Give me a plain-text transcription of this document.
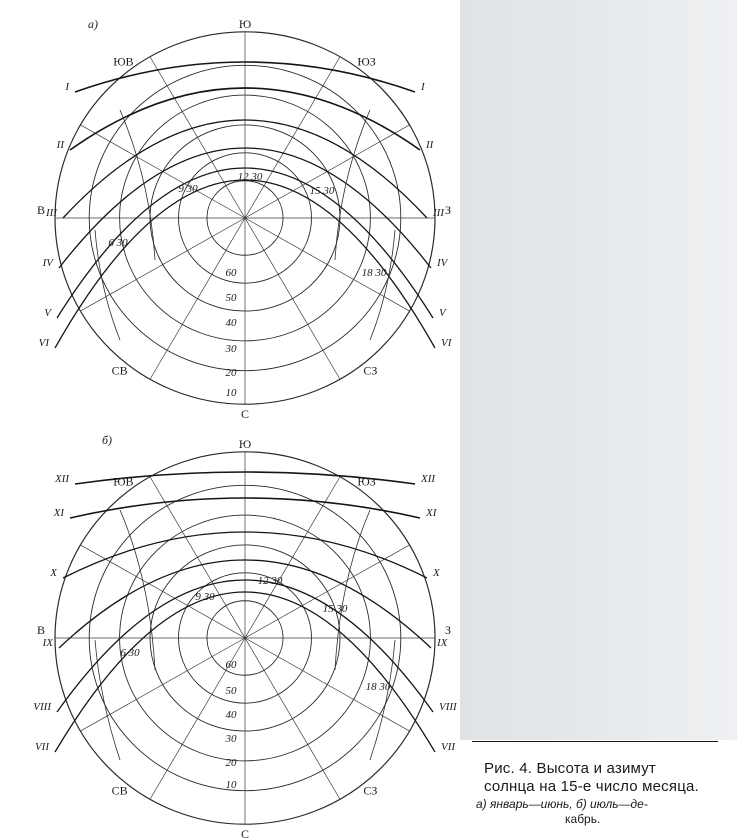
I	I
II	II
III	III
IV	IV
V	V
VI	VI
60
50
40
30
20
10
12 30
9 30	15 30
6 30
18 30
Ю
С
В	З
ЮВ	ЮЗ
СВ	СЗ
а)
XII	XII
XI	XI
X	X
IX	IX
VIII	VIII
VII	VII
60
50
40
30
20
10
12 30
9 30
15 30
6 30
18 30
Ю
С
В	З
ЮВ	ЮЗ
СВ	СЗ
б)
Рис. 4. Высота и азимут
солнца на 15-е число месяца.
а) январь—июнь, б) июль—де-
кабрь.
